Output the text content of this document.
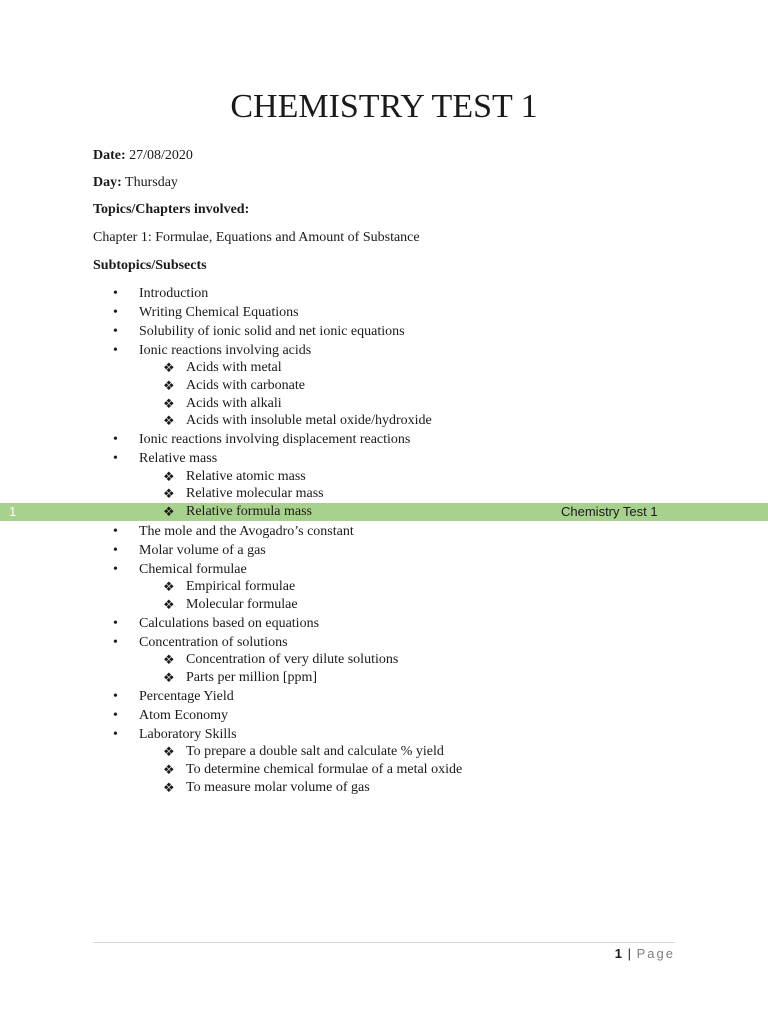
CHEMISTRY TEST 1
Date: 27/08/2020
Day: Thursday
Topics/Chapters involved:
Chapter 1: Formulae, Equations and Amount of Substance
Subtopics/Subsects
• Introduction
• Writing Chemical Equations
• Solubility of ionic solid and net ionic equations
• Ionic reactions involving acids
❖ Acids with metal
❖ Acids with carbonate
❖ Acids with alkali
❖ Acids with insoluble metal oxide/hydroxide
• Ionic reactions involving displacement reactions
• Relative mass
❖ Relative atomic mass
❖ Relative molecular mass
1	Chemistry Test 1
❖ Relative formula mass
• The mole and the Avogadro’s constant
• Molar volume of a gas
• Chemical formulae
❖ Empirical formulae
❖ Molecular formulae
• Calculations based on equations
• Concentration of solutions
❖ Concentration of very dilute solutions
❖ Parts per million [ppm]
• Percentage Yield
• Atom Economy
• Laboratory Skills
❖ To prepare a double salt and calculate % yield
❖ To determine chemical formulae of a metal oxide
❖ To measure molar volume of gas
1 | Page
